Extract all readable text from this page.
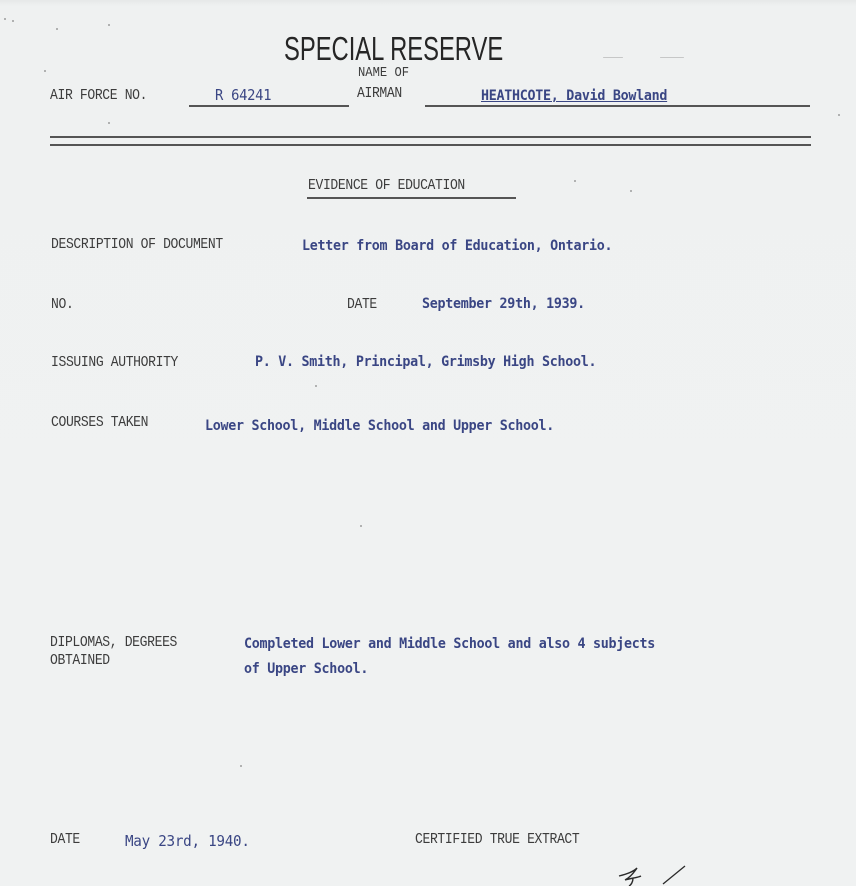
SPECIAL RESERVE
AIR FORCE NO.	R 64241
NAME OF
AIRMAN	HEATHCOTE, David Bowland
EVIDENCE OF EDUCATION
DESCRIPTION OF DOCUMENT	Letter from Board of Education, Ontario.
NO.	DATE	September 29th, 1939.
ISSUING AUTHORITY	P. V. Smith, Principal, Grimsby High School.
COURSES TAKEN	Lower School, Middle School and Upper School.
DIPLOMAS, DEGREES
OBTAINED
Completed Lower and Middle School and also 4 subjects
of Upper School.
DATE	May 23rd, 1940.	CERTIFIED TRUE EXTRACT
